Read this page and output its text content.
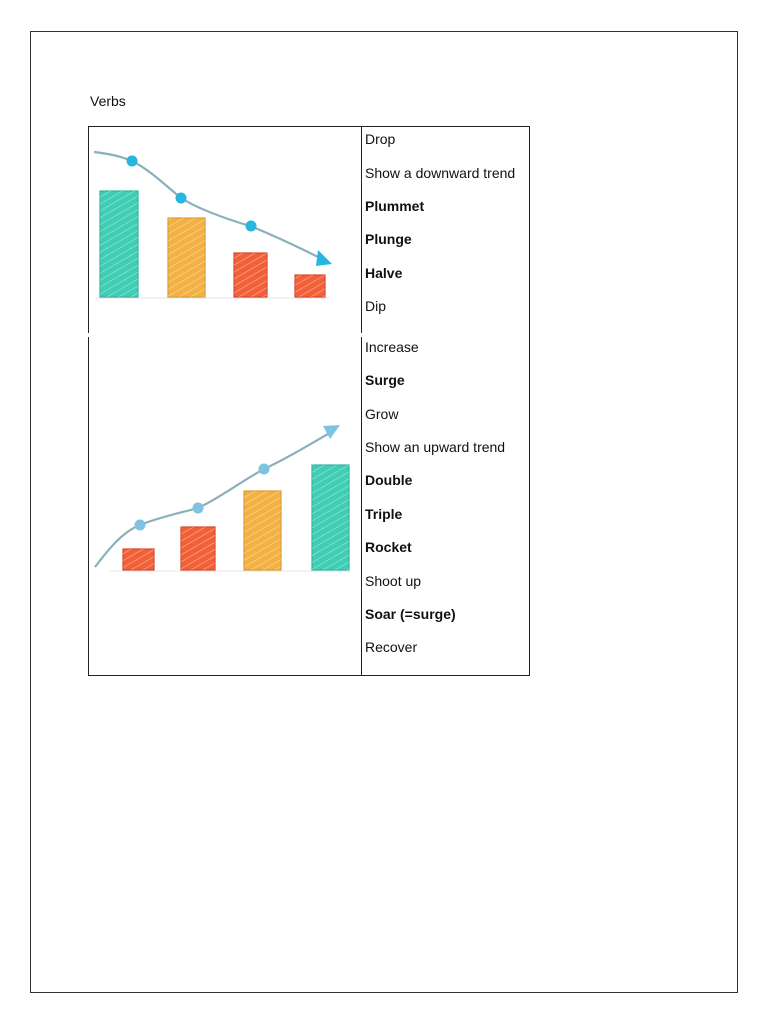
Verbs
Drop
Show a downward trend
Plummet
Plunge
Halve
Dip
Increase
Surge
Grow
Show an upward trend
Double
Triple
Rocket
Shoot up
Soar (=surge)
Recover
